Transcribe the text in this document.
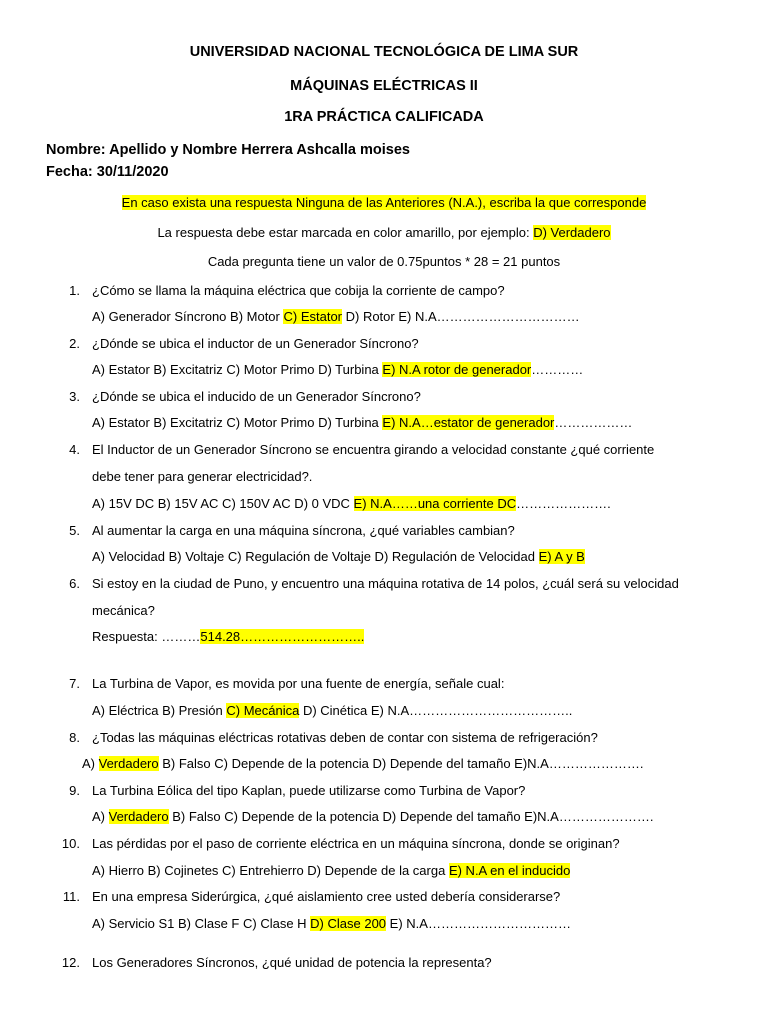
UNIVERSIDAD NACIONAL TECNOLÓGICA DE LIMA SUR
MÁQUINAS ELÉCTRICAS II
1RA PRÁCTICA CALIFICADA
Nombre: Apellido y Nombre Herrera Ashcalla moises
Fecha: 30/11/2020
En caso exista una respuesta Ninguna de las Anteriores (N.A.), escriba la que corresponde
La respuesta debe estar marcada en color amarillo, por ejemplo: D) Verdadero
Cada pregunta tiene un valor de 0.75puntos * 28 = 21 puntos
1. ¿Cómo se llama la máquina eléctrica que cobija la corriente de campo?
A) Generador Síncrono B) Motor C) Estator D) Rotor E) N.A……………………………
2. ¿Dónde se ubica el inductor de un Generador Síncrono?
A) Estator B) Excitatriz C) Motor Primo D) Turbina E) N.A rotor de generador…………
3. ¿Dónde se ubica el inducido de un Generador Síncrono?
A) Estator B) Excitatriz C) Motor Primo D) Turbina E) N.A…estator de generador………………
4. El Inductor de un Generador Síncrono se encuentra girando a velocidad constante ¿qué corriente
debe tener para generar electricidad?.
A) 15V DC B) 15V AC C) 150V AC D) 0 VDC E) N.A……una corriente DC………………….
5. Al aumentar la carga en una máquina síncrona, ¿qué variables cambian?
A) Velocidad B) Voltaje C) Regulación de Voltaje D) Regulación de Velocidad E) A y B
6. Si estoy en la ciudad de Puno, y encuentro una máquina rotativa de 14 polos, ¿cuál será su velocidad
mecánica?
Respuesta: ………514.28………………………..
7. La Turbina de Vapor, es movida por una fuente de energía, señale cual:
A) Eléctrica B) Presión C) Mecánica D) Cinética E) N.A………………………………..
8. ¿Todas las máquinas eléctricas rotativas deben de contar con sistema de refrigeración?
A) Verdadero B) Falso C) Depende de la potencia D) Depende del tamaño E)N.A………………….
9. La Turbina Eólica del tipo Kaplan, puede utilizarse como Turbina de Vapor?
A) Verdadero B) Falso C) Depende de la potencia D) Depende del tamaño E)N.A………………….
10. Las pérdidas por el paso de corriente eléctrica en un máquina síncrona, donde se originan?
A) Hierro B) Cojinetes C) Entrehierro D) Depende de la carga E) N.A en el inducido
11. En una empresa Siderúrgica, ¿qué aislamiento cree usted debería considerarse?
A) Servicio S1 B) Clase F C) Clase H D) Clase 200 E) N.A……………………………
12. Los Generadores Síncronos, ¿qué unidad de potencia la representa?
